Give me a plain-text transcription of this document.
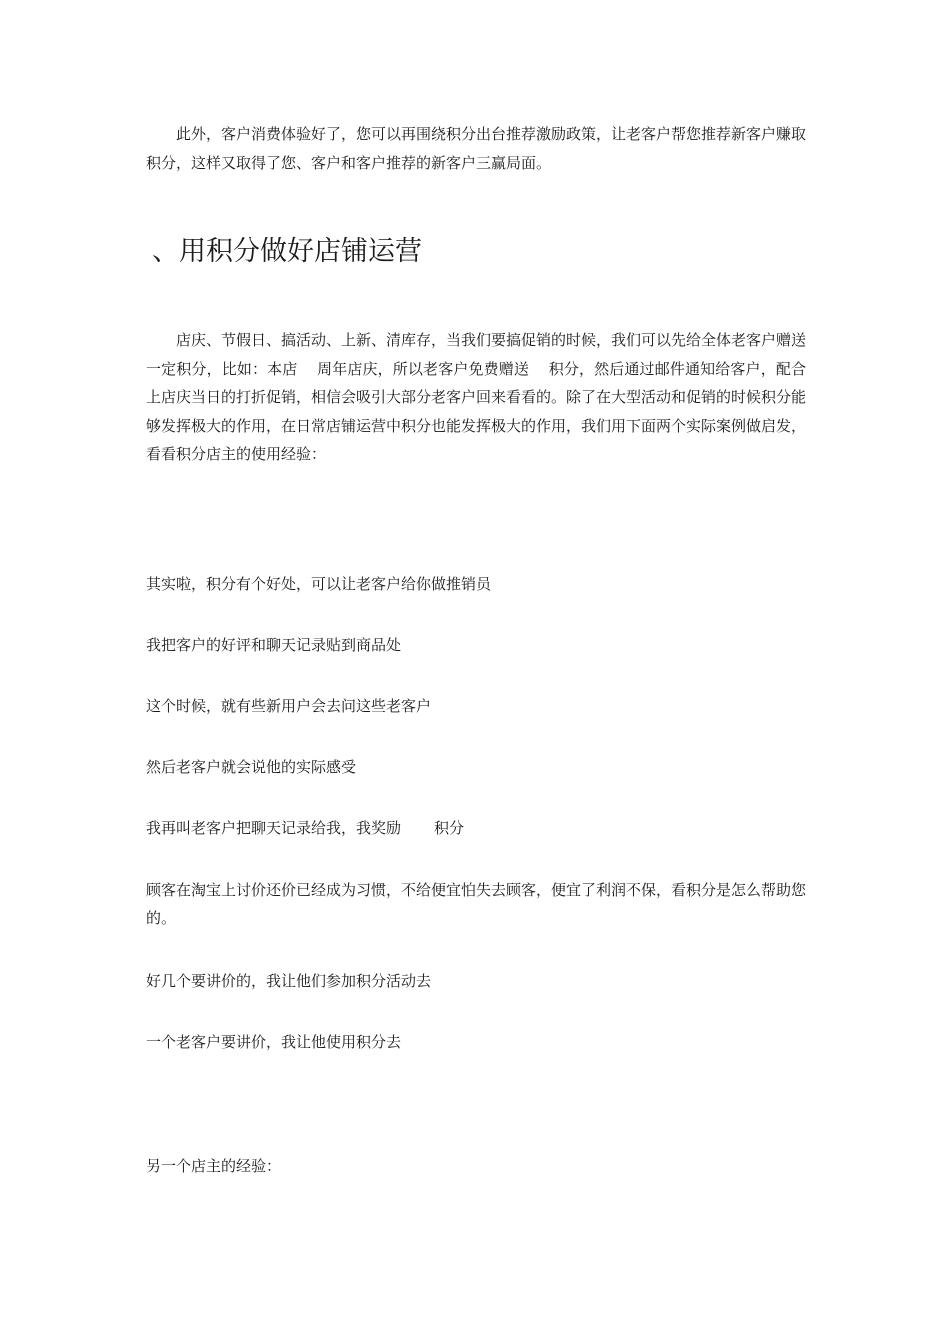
此外，客户消费体验好了，您可以再围绕积分出台推荐激励政策，让老客户帮您推荐新客户赚取积分，这样又取得了您、客户和客户推荐的新客户三赢局面。

、用积分做好店铺运营

店庆、节假日、搞活动、上新、清库存，当我们要搞促销的时候，我们可以先给全体老客户赠送一定积分，比如：本店 周年店庆，所以老客户免费赠送 积分，然后通过邮件通知给客户，配合上店庆当日的打折促销，相信会吸引大部分老客户回来看看的。除了在大型活动和促销的时候积分能够发挥极大的作用，在日常店铺运营中积分也能发挥极大的作用，我们用下面两个实际案例做启发，看看积分店主的使用经验：

其实啦，积分有个好处，可以让老客户给你做推销员

我把客户的好评和聊天记录贴到商品处

这个时候，就有些新用户会去问这些老客户

然后老客户就会说他的实际感受

我再叫老客户把聊天记录给我，我奖励 积分

顾客在淘宝上讨价还价已经成为习惯，不给便宜怕失去顾客，便宜了利润不保，看积分是怎么帮助您的。

好几个要讲价的，我让他们参加积分活动去

一个老客户要讲价，我让他使用积分去

另一个店主的经验：
